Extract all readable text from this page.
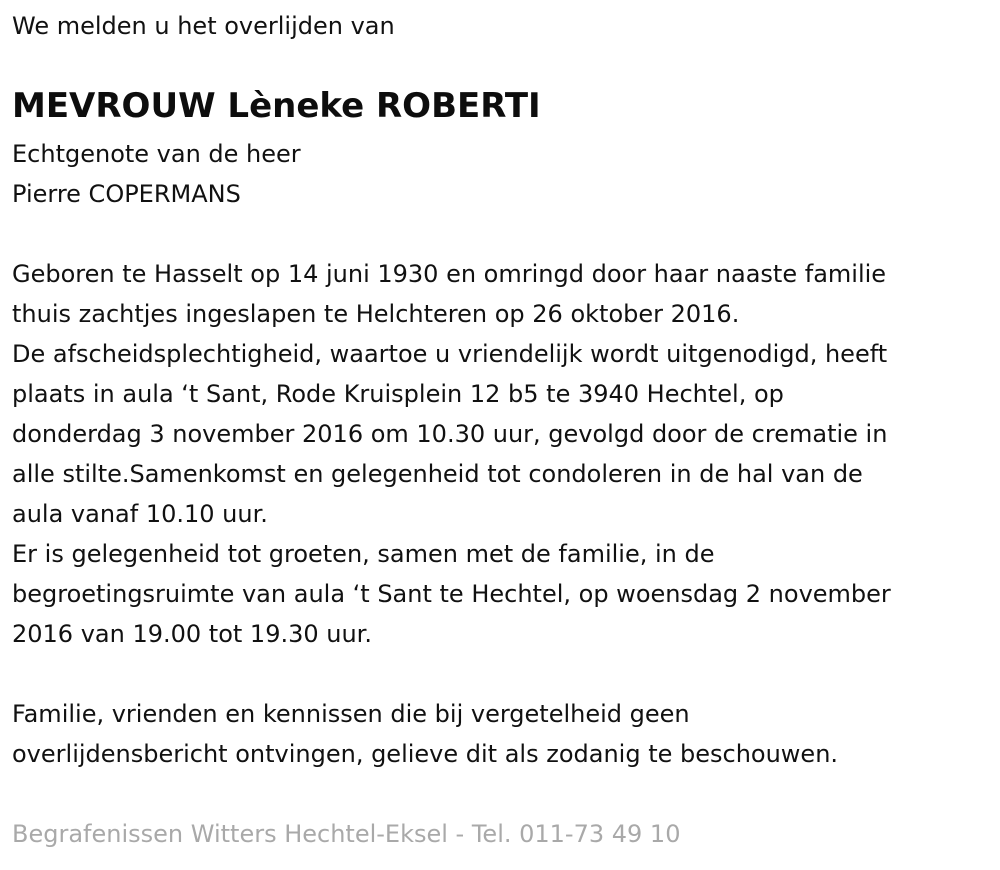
We melden u het overlijden van
MEVROUW Lèneke ROBERTI
Echtgenote van de heer
Pierre COPERMANS
Geboren te Hasselt op 14 juni 1930 en omringd door haar naaste familie
thuis zachtjes ingeslapen te Helchteren op 26 oktober 2016.
De afscheidsplechtigheid, waartoe u vriendelijk wordt uitgenodigd, heeft
plaats in aula ‘t Sant, Rode Kruisplein 12 b5 te 3940 Hechtel, op
donderdag 3 november 2016 om 10.30 uur, gevolgd door de crematie in
alle stilte.Samenkomst en gelegenheid tot condoleren in de hal van de
aula vanaf 10.10 uur.
Er is gelegenheid tot groeten, samen met de familie, in de
begroetingsruimte van aula ‘t Sant te Hechtel, op woensdag 2 november
2016 van 19.00 tot 19.30 uur.
Familie, vrienden en kennissen die bij vergetelheid geen
overlijdensbericht ontvingen, gelieve dit als zodanig te beschouwen.
Begrafenissen Witters Hechtel-Eksel - Tel. 011-73 49 10
